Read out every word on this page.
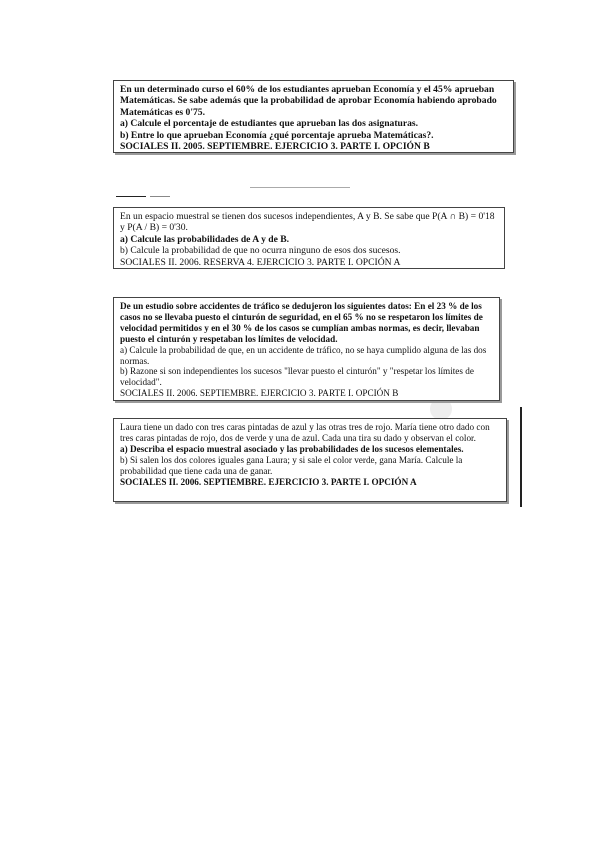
En un determinado curso el 60% de los estudiantes aprueban Economía y el 45% aprueban Matemáticas. Se sabe además que la probabilidad de aprobar Economía habiendo aprobado Matemáticas es 0'75.

a) Calcule el porcentaje de estudiantes que aprueban las dos asignaturas.

b) Entre lo que aprueban Economía ¿qué porcentaje aprueba Matemáticas?.

SOCIALES II. 2005. SEPTIEMBRE. EJERCICIO 3. PARTE I. OPCIÓN B

En un espacio muestral se tienen dos sucesos independientes, A y B. Se sabe que P(A ∩ B) = 0'18 y P(A / B) = 0'30.

a) Calcule las probabilidades de A y de B.

b) Calcule la probabilidad de que no ocurra ninguno de esos dos sucesos.

SOCIALES II. 2006. RESERVA 4. EJERCICIO 3. PARTE I. OPCIÓN A

De un estudio sobre accidentes de tráfico se dedujeron los siguientes datos: En el 23 % de los casos no se llevaba puesto el cinturón de seguridad, en el 65 % no se respetaron los límites de velocidad permitidos y en el 30 % de los casos se cumplían ambas normas, es decir, llevaban puesto el cinturón y respetaban los límites de velocidad.

a) Calcule la probabilidad de que, en un accidente de tráfico, no se haya cumplido alguna de las dos normas.

b) Razone si son independientes los sucesos "llevar puesto el cinturón" y "respetar los límites de velocidad".

SOCIALES II. 2006. SEPTIEMBRE. EJERCICIO 3. PARTE I. OPCIÓN B

Laura tiene un dado con tres caras pintadas de azul y las otras tres de rojo. María tiene otro dado con tres caras pintadas de rojo, dos de verde y una de azul. Cada una tira su dado y observan el color.

a) Describa el espacio muestral asociado y las probabilidades de los sucesos elementales.

b) Si salen los dos colores iguales gana Laura; y si sale el color verde, gana María. Calcule la probabilidad que tiene cada una de ganar.

SOCIALES II. 2006. SEPTIEMBRE. EJERCICIO 3. PARTE I. OPCIÓN A
